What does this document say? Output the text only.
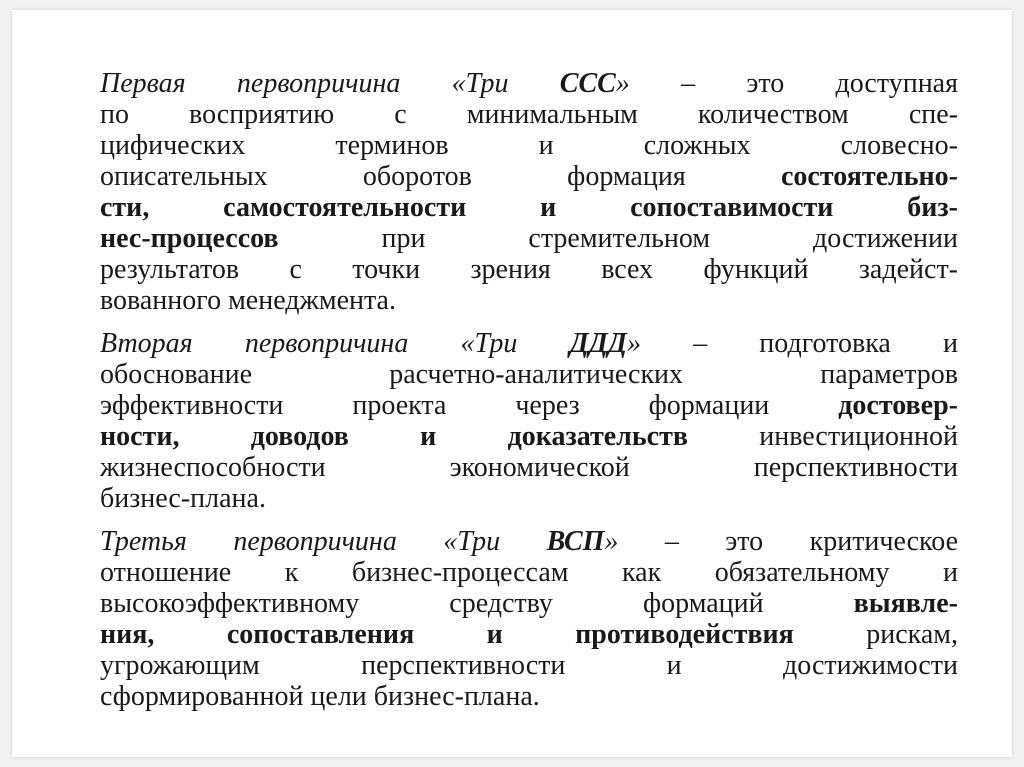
Первая первопричина «Три ССС» – это доступная
по восприятию с минимальным количеством спе-
цифических терминов и сложных словесно-
описательных оборотов формация состоятельно-
сти, самостоятельности и сопоставимости биз-
нес-процессов при стремительном достижении
результатов с точки зрения всех функций задейст-
вованного менеджмента.

Вторая первопричина «Три ДДД» – подготовка и
обоснование расчетно-аналитических параметров
эффективности проекта через формации достовер-
ности, доводов и доказательств инвестиционной
жизнеспособности экономической перспективности
бизнес-плана.

Третья первопричина «Три ВСП» – это критическое
отношение к бизнес-процессам как обязательному и
высокоэффективному средству формаций выявле-
ния, сопоставления и противодействия рискам,
угрожающим перспективности и достижимости
сформированной цели бизнес-плана.
